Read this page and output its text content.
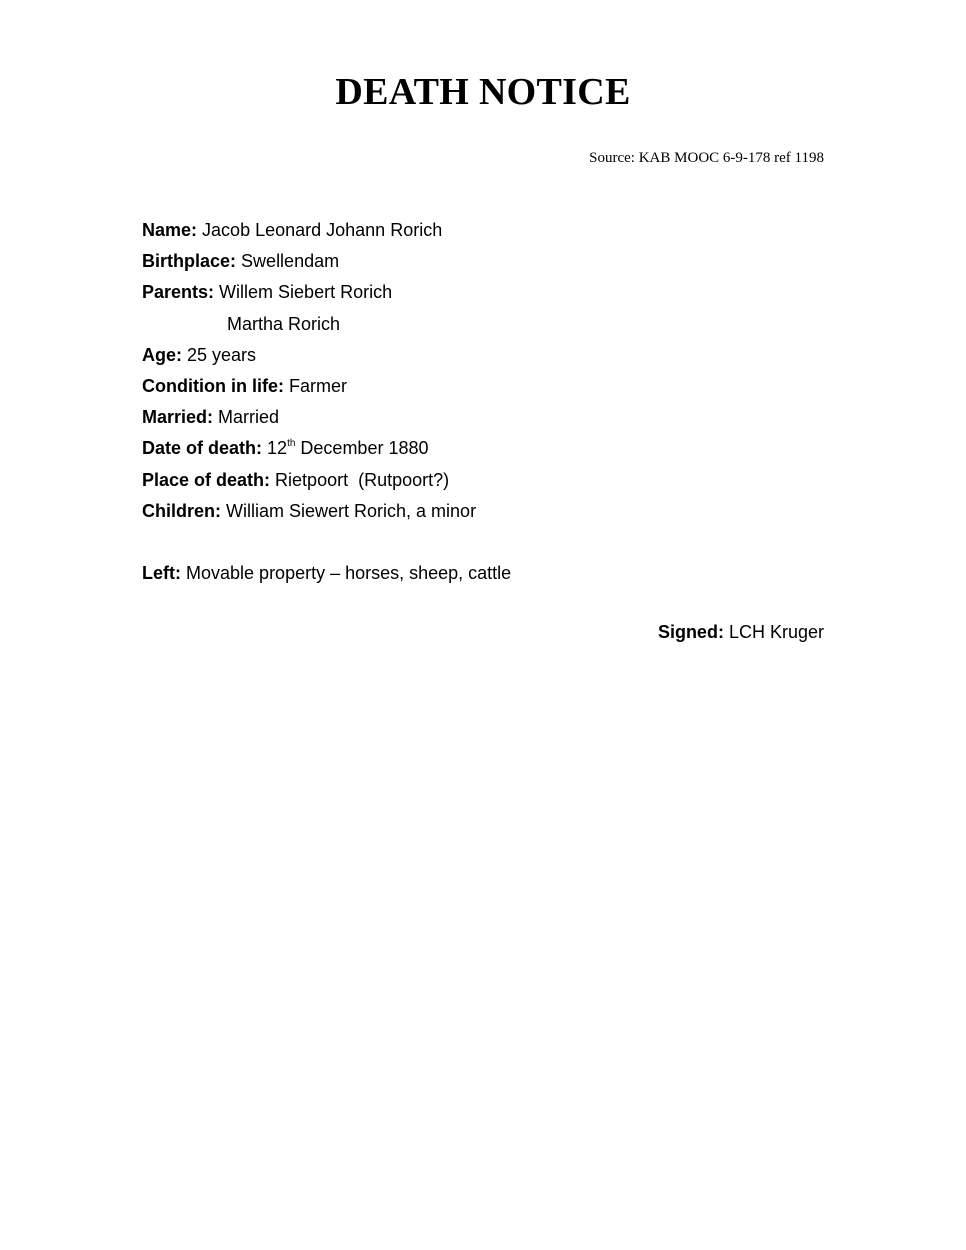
DEATH NOTICE
Source: KAB MOOC 6-9-178 ref 1198
Name: Jacob Leonard Johann Rorich
Birthplace: Swellendam
Parents: Willem Siebert Rorich
Martha Rorich
Age: 25 years
Condition in life: Farmer
Married: Married
Date of death: 12th December 1880
Place of death: Rietpoort  (Rutpoort?)
Children: William Siewert Rorich, a minor
Left: Movable property – horses, sheep, cattle
Signed: LCH Kruger
